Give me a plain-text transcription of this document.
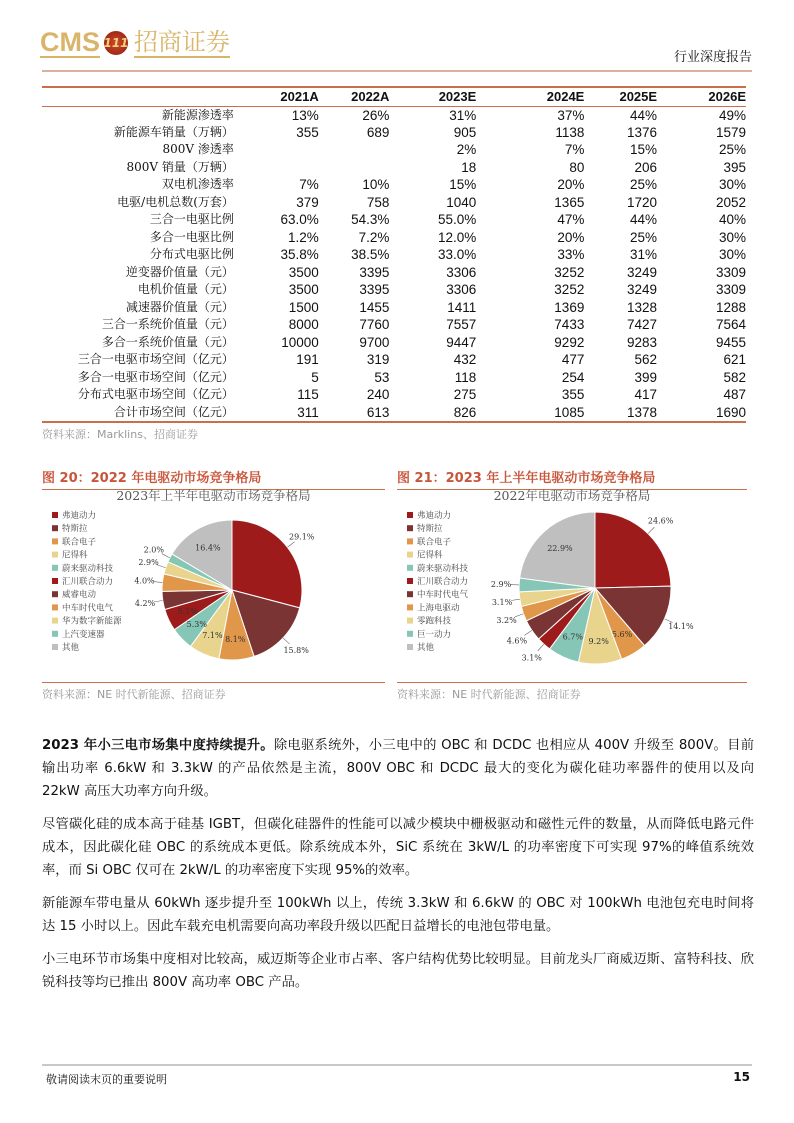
CMS 111 招商证券
行业深度报告
	2021A	2022A	2023E	2024E	2025E	2026E
新能源渗透率	13%	26%	31%	37%	44%	49%
新能源车销量（万辆）	355	689	905	1138	1376	1579
800V 渗透率			2%	7%	15%	25%
800V 销量（万辆）			18	80	206	395
双电机渗透率	7%	10%	15%	20%	25%	30%
电驱/电机总数(万套）	379	758	1040	1365	1720	2052
三合一电驱比例	63.0%	54.3%	55.0%	47%	44%	40%
多合一电驱比例	1.2%	7.2%	12.0%	20%	25%	30%
分布式电驱比例	35.8%	38.5%	33.0%	33%	31%	30%
逆变器价值量（元）	3500	3395	3306	3252	3249	3309
电机价值量（元）	3500	3395	3306	3252	3249	3309
减速器价值量（元）	1500	1455	1411	1369	1328	1288
三合一系统价值量（元）	8000	7760	7557	7433	7427	7564
多合一系统价值量（元）	10000	9700	9447	9292	9283	9455
三合一电驱市场空间（亿元）	191	319	432	477	562	621
多合一电驱市场空间（亿元）	5	53	118	254	399	582
分布式电驱市场空间（亿元）	115	240	275	355	417	487
合计市场空间（亿元）	311	613	826	1085	1378	1690
资料来源：Marklins、招商证券
图 20：2022 年电驱动市场竞争格局	图 21：2023 年上半年电驱动市场竞争格局
2023年上半年电驱动市场竞争格局
29.1%
弗迪动力
15.8%
特斯拉
8.1%
联合电子
7.1%
尼得科
5.3%
蔚来驱动科技
5.1%
汇川联合动力
4.2%
威睿电动
4.0%
中车时代电气
2.9%
华为数字新能源
2.0%
上汽变速器
16.4%
其他
2022年电驱动市场竞争格局
24.6%
弗迪动力
14.1%
特斯拉
5.6%
联合电子
9.2%
尼得科
6.7%
蔚来驱动科技
3.1%
汇川联合动力
4.6%
中车时代电气
3.2%
上海电驱动
3.1%
零跑科技
2.9%
巨一动力
22.9%
其他
资料来源：NE 时代新能源、招商证券	资料来源：NE 时代新能源、招商证券

2023 年小三电市场集中度持续提升。除电驱系统外，小三电中的 OBC 和 DCDC 也相应从 400V 升级至 800V。目前输出功率 6.6kW 和 3.3kW 的产品依然是主流，800V OBC 和 DCDC 最大的变化为碳化硅功率器件的使用以及向 22kW 高压大功率方向升级。

尽管碳化硅的成本高于硅基 IGBT，但碳化硅器件的性能可以减少模块中栅极驱动和磁性元件的数量，从而降低电路元件成本，因此碳化硅 OBC 的系统成本更低。除系统成本外，SiC 系统在 3kW/L 的功率密度下可实现 97%的峰值系统效率，而 Si OBC 仅可在 2kW/L 的功率密度下实现 95%的效率。

新能源车带电量从 60kWh 逐步提升至 100kWh 以上，传统 3.3kW 和 6.6kW 的 OBC 对 100kWh 电池包充电时间将达 15 小时以上。因此车载充电机需要向高功率段升级以匹配日益增长的电池包带电量。

小三电环节市场集中度相对比较高，威迈斯等企业市占率、客户结构优势比较明显。目前龙头厂商威迈斯、富特科技、欣锐科技等均已推出 800V 高功率 OBC 产品。

敬请阅读末页的重要说明	15
